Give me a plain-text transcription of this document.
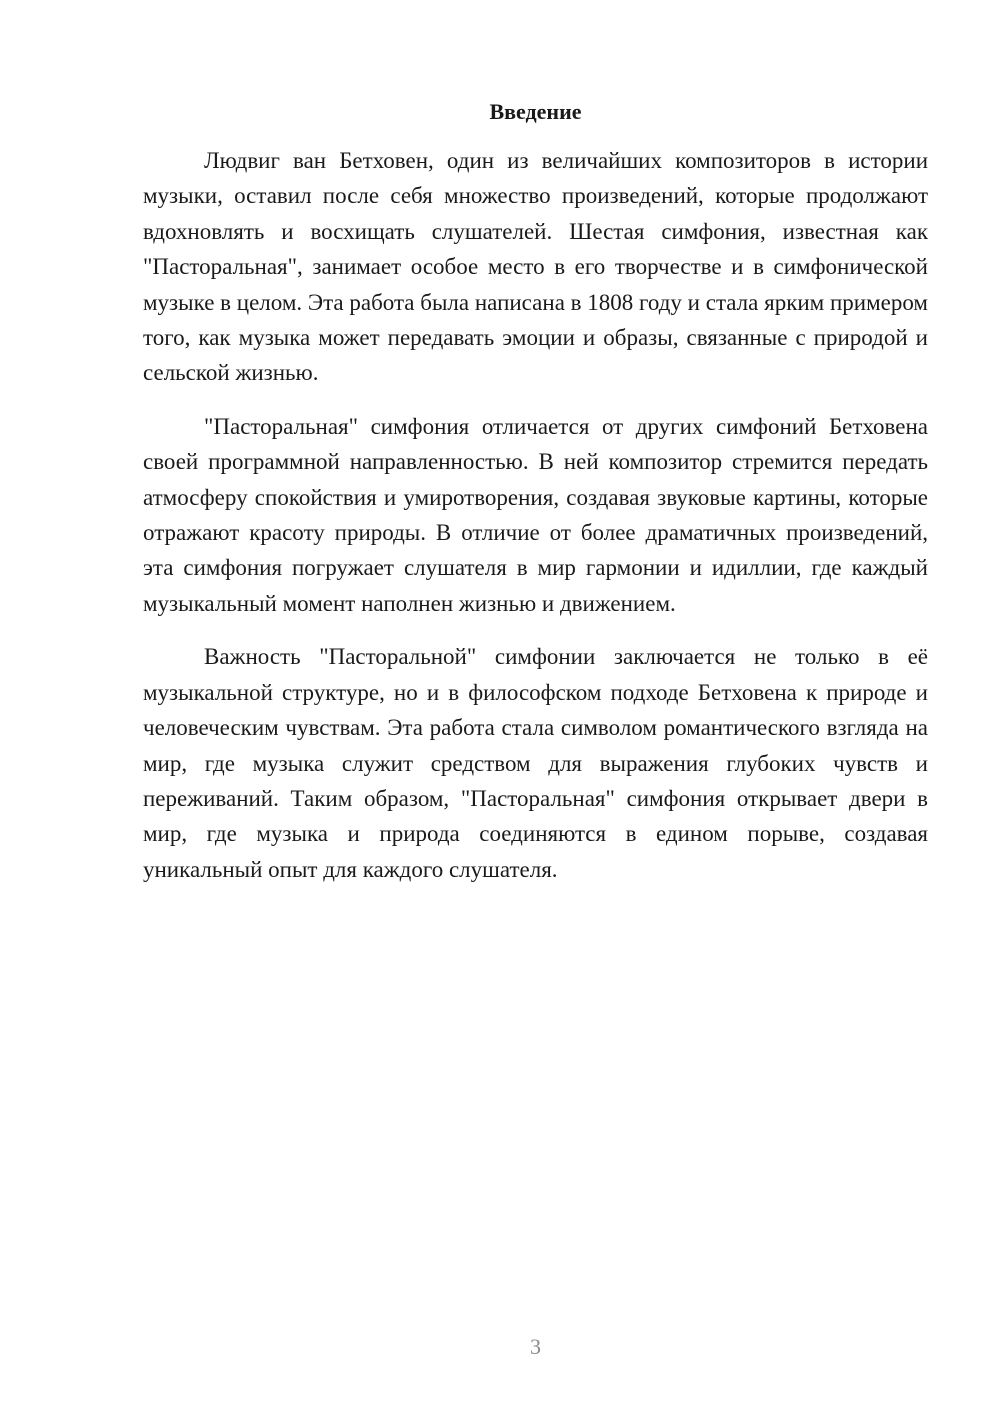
Введение

Людвиг ван Бетховен, один из величайших композиторов в истории музыки, оставил после себя множество произведений, которые продолжают вдохновлять и восхищать слушателей. Шестая симфония, известная как "Пасторальная", занимает особое место в его творчестве и в симфонической музыке в целом. Эта работа была написана в 1808 году и стала ярким примером того, как музыка может передавать эмоции и образы, связанные с природой и сельской жизнью.

"Пасторальная" симфония отличается от других симфоний Бетховена своей программной направленностью. В ней композитор стремится передать атмосферу спокойствия и умиротворения, создавая звуковые картины, которые отражают красоту природы. В отличие от более драматичных произведений, эта симфония погружает слушателя в мир гармонии и идиллии, где каждый музыкальный момент наполнен жизнью и движением.

Важность "Пасторальной" симфонии заключается не только в её музыкальной структуре, но и в философском подходе Бетховена к природе и человеческим чувствам. Эта работа стала символом романтического взгляда на мир, где музыка служит средством для выражения глубоких чувств и переживаний. Таким образом, "Пасторальная" симфония открывает двери в мир, где музыка и природа соединяются в едином порыве, создавая уникальный опыт для каждого слушателя.

3
